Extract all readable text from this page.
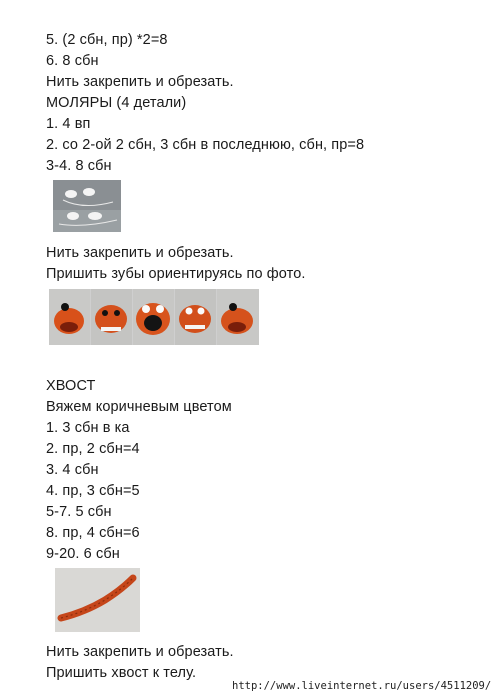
5. (2 сбн, пр) *2=8
6. 8 сбн
Нить закрепить и обрезать.
МОЛЯРЫ (4 детали)
1. 4 вп
2. со 2-ой 2 сбн, 3 сбн в последнюю, сбн, пр=8
3-4. 8 сбн
Нить закрепить и обрезать.
Пришить зубы ориентируясь по фото.
ХВОСТ
Вяжем коричневым цветом
1. 3 сбн в ка
2. пр, 2 сбн=4
3. 4 сбн
4. пр, 3 сбн=5
5-7. 5 сбн
8. пр, 4 сбн=6
9-20. 6 сбн
Нить закрепить и обрезать.
Пришить хвост к телу.
http://www.liveinternet.ru/users/4511209/
